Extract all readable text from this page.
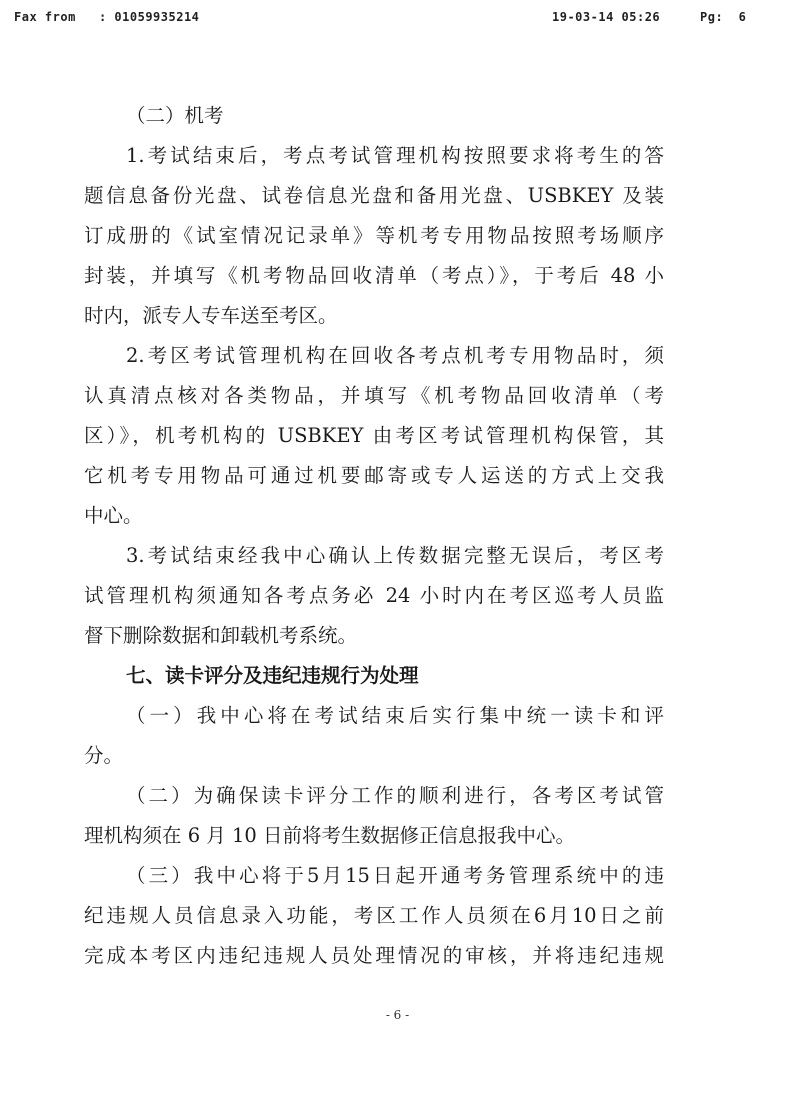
Fax from   : 01059935214	19-03-14 05:26	Pg:  6
（二）机考
1.考试结束后，考点考试管理机构按照要求将考生的答
题信息备份光盘、试卷信息光盘和备用光盘、USBKEY 及装
订成册的《试室情况记录单》等机考专用物品按照考场顺序
封装，并填写《机考物品回收清单（考点）》，于考后 48 小
时内，派专人专车送至考区。
2.考区考试管理机构在回收各考点机考专用物品时，须
认真清点核对各类物品，并填写《机考物品回收清单（考
区）》，机考机构的 USBKEY 由考区考试管理机构保管，其
它机考专用物品可通过机要邮寄或专人运送的方式上交我
中心。
3.考试结束经我中心确认上传数据完整无误后，考区考
试管理机构须通知各考点务必 24 小时内在考区巡考人员监
督下删除数据和卸载机考系统。
七、读卡评分及违纪违规行为处理
（一）我中心将在考试结束后实行集中统一读卡和评
分。
（二）为确保读卡评分工作的顺利进行，各考区考试管
理机构须在 6 月 10 日前将考生数据修正信息报我中心。
（三）我中心将于5月15日起开通考务管理系统中的违
纪违规人员信息录入功能，考区工作人员须在6月10日之前
完成本考区内违纪违规人员处理情况的审核，并将违纪违规
- 6 -
